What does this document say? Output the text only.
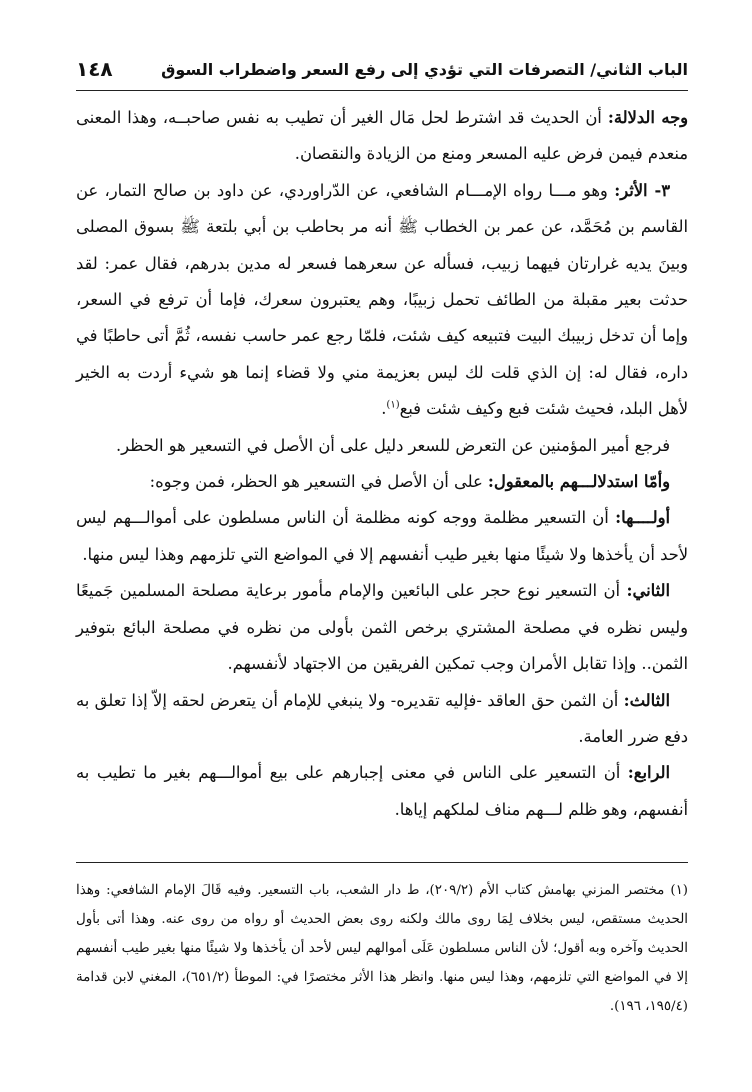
الباب الثاني/ التصرفات التي تؤدي إلى رفع السعر واضطراب السوق
١٤٨

وجه الدلالة: أن الحديث قد اشترط لحل مَال الغير أن تطيب به نفس صاحبــه، وهذا المعنى منعدم فيمن فرض عليه المسعر ومنع من الزيادة والنقصان.

٣- الأثر: وهو مـــا رواه الإمـــام الشافعي، عن الدّراوردي، عن داود بن صالح التمار، عن القاسم بن مُحَمَّد، عن عمر بن الخطاب ﷺ أنه مر بحاطب بن أبي بلتعة ﷺ بسوق المصلى وبينَ يديه غرارتان فيهما زبيب، فسأله عن سعرهما فسعر له مدين بدرهم، فقال عمر: لقد حدثت بعير مقبلة من الطائف تحمل زبيبًا، وهم يعتبرون سعرك، فإما أن ترفع في السعر، وإما أن تدخل زبيبك البيت فتبيعه كيف شئت، فلمّا رجع عمر حاسب نفسه، ثُمَّ أتى حاطبًا في داره، فقال له: إن الذي قلت لك ليس بعزيمة مني ولا قضاء إنما هو شيء أردت به الخير لأهل البلد، فحيث شئت فبع وكيف شئت فبع$^{(١)}$.

فرجع أمير المؤمنين عن التعرض للسعر دليل على أن الأصل في التسعير هو الحظر.

وأمّا استدلالـــهم بالمعقول: على أن الأصل في التسعير هو الحظر، فمن وجوه:

أولــــها: أن التسعير مظلمة ووجه كونه مظلمة أن الناس مسلطون على أموالـــهم ليس لأحد أن يأخذها ولا شيئًا منها بغير طيب أنفسهم إلا في المواضع التي تلزمهم وهذا ليس منها.

الثاني: أن التسعير نوع حجر على البائعين والإمام مأمور برعاية مصلحة المسلمين جَميعًا وليس نظره في مصلحة المشتري برخص الثمن بأولى من نظره في مصلحة البائع بتوفير الثمن.. وإذا تقابل الأمران وجب تمكين الفريقين من الاجتهاد لأنفسهم.

الثالث: أن الثمن حق العاقد -فإليه تقديره- ولا ينبغي للإمام أن يتعرض لحقه إلاّ إذا تعلق به دفع ضرر العامة.

الرابع: أن التسعير على الناس في معنى إجبارهم على بيع أموالـــهم بغير ما تطيب به أنفسهم، وهو ظلم لـــهم مناف لملكهم إياها.

(١)مختصر المزني بهامش كتاب الأم (٢٠٩/٢)، ط دار الشعب، باب التسعير. وفيه قَالَ الإمام الشافعي: وهذا الحديث مستقص، ليس بخلاف لِمَا روى مالك ولكنه روى بعض الحديث أو رواه من روى عنه. وهذا أتى بأول الحديث وآخره وبه أقول؛ لأن الناس مسلطون عَلَى أموالهم ليس لأحد أن يأخذها ولا شيئًا منها بغير طيب أنفسهم إلا في المواضع التي تلزمهم، وهذا ليس منها. وانظر هذا الأثر مختصرًا في: الموطأ (٦٥١/٢)، المغني لابن قدامة (١٩٥/٤، ١٩٦).
